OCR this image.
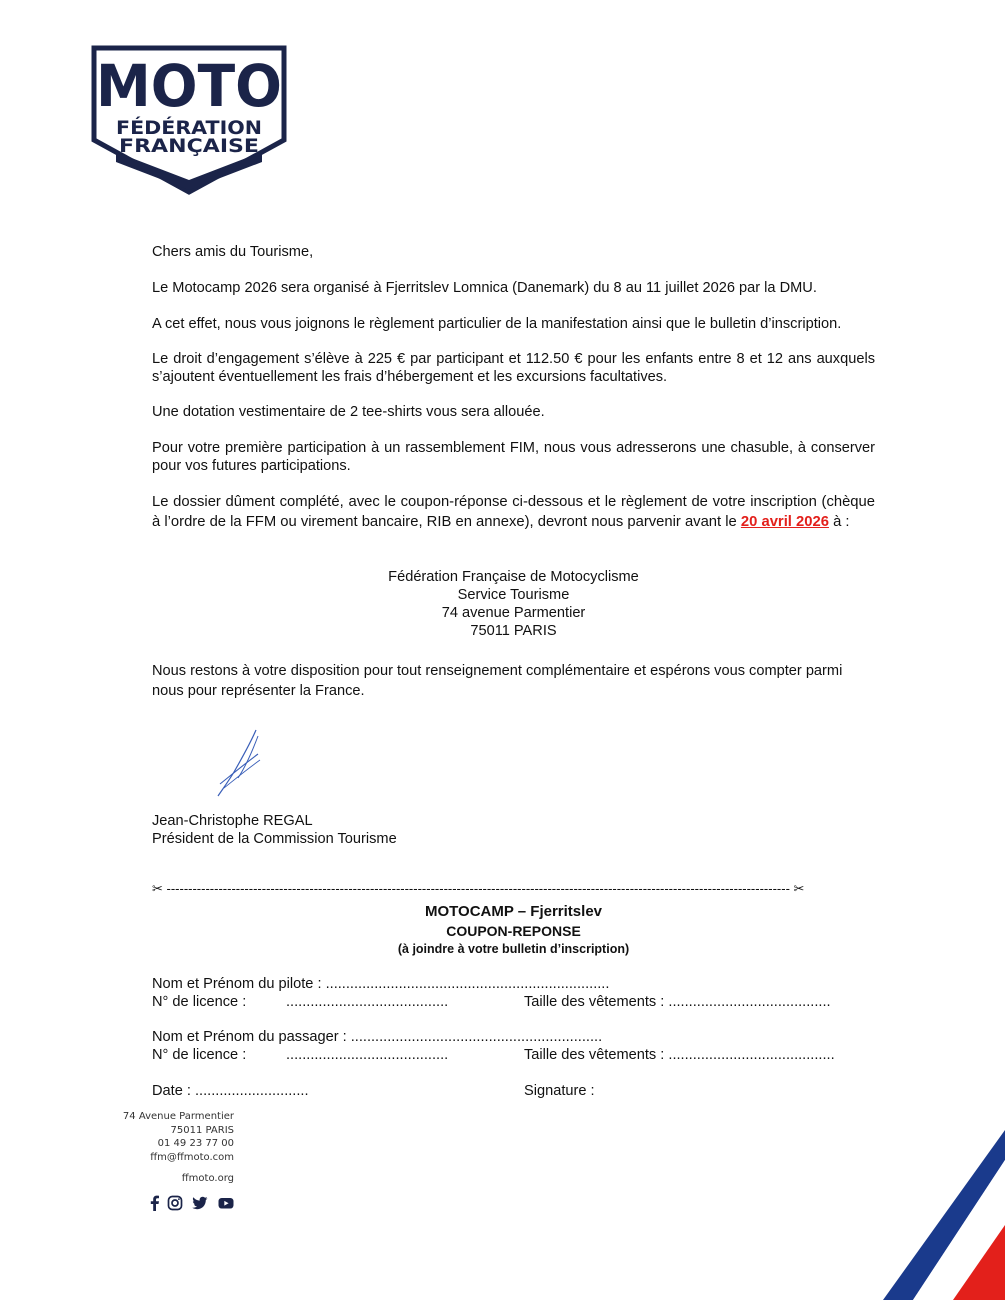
MOTO
FÉDÉRATION
FRANÇAISE

Chers amis du Tourisme,

Le Motocamp 2026 sera organisé à Fjerritslev Lomnica (Danemark) du 8 au 11 juillet 2026 par la DMU.

A cet effet, nous vous joignons le règlement particulier de la manifestation ainsi que le bulletin d’inscription.

Le droit d’engagement s’élève à 225 € par participant et 112.50 € pour les enfants entre 8 et 12 ans auxquels s’ajoutent éventuellement les frais d’hébergement et les excursions facultatives.

Une dotation vestimentaire de 2 tee-shirts vous sera allouée.

Pour votre première participation à un rassemblement FIM, nous vous adresserons une chasuble, à conserver pour vos futures participations.

Le dossier dûment complété, avec le coupon-réponse ci-dessous et le règlement de votre inscription (chèque à l’ordre de la FFM ou virement bancaire, RIB en annexe), devront nous parvenir avant le 20 avril 2026 à :

Fédération Française de Motocyclisme
Service Tourisme
74 avenue Parmentier
75011 PARIS

Nous restons à votre disposition pour tout renseignement complémentaire et espérons vous compter parmi nous pour représenter la France.

Jean-Christophe REGAL

Président de la Commission Tourisme

✂ ------------------------------------------------------------------------------------------------------------------------------------------------ ✂
MOTOCAMP – Fjerritslev
COUPON-REPONSE
(à joindre à votre bulletin d’inscription)
Nom et Prénom du pilote : ......................................................................
N° de licence :	........................................	Taille des vêtements : ........................................
Nom et Prénom du passager : ..............................................................
N° de licence :	........................................	Taille des vêtements : .........................................
Date : ............................	Signature :
74 Avenue Parmentier
75011 PARIS
01 49 23 77 00
ffm@ffmoto.com
ffmoto.org
